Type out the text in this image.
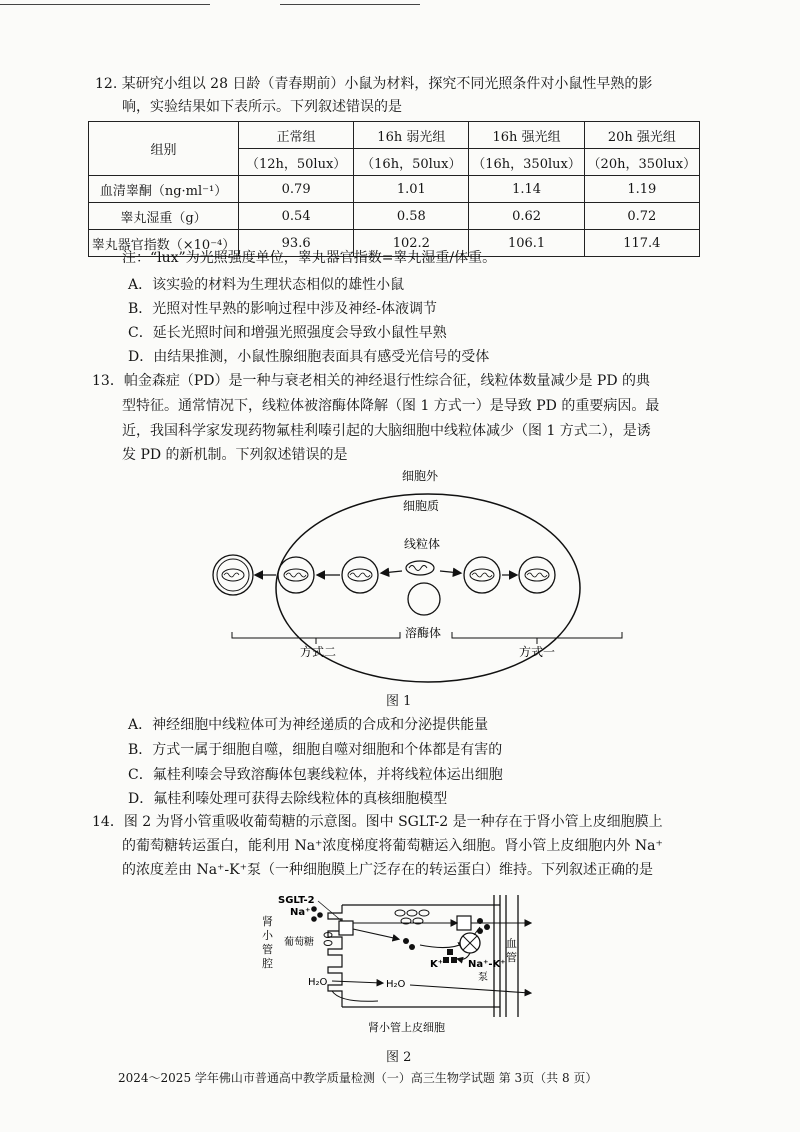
12. 某研究小组以 28 日龄（青春期前）小鼠为材料，探究不同光照条件对小鼠性早熟的影
响，实验结果如下表所示。下列叙述错误的是
组别	正常组	16h 弱光组	16h 强光组	20h 强光组
	（12h，50lux）	（16h，50lux）	（16h，350lux）	（20h，350lux）
血清睾酮（ng·ml⁻¹）	0.79	1.01	1.14	1.19
睾丸湿重（g）	0.54	0.58	0.62	0.72
睾丸器官指数（×10⁻⁴）	93.6	102.2	106.1	117.4
注：“lux”为光照强度单位，睾丸器官指数=睾丸湿重/体重。
A．该实验的材料为生理状态相似的雄性小鼠
B．光照对性早熟的影响过程中涉及神经-体液调节
C．延长光照时间和增强光照强度会导致小鼠性早熟
D．由结果推测，小鼠性腺细胞表面具有感受光信号的受体
13．帕金森症（PD）是一种与衰老相关的神经退行性综合征，线粒体数量减少是 PD 的典
型特征。通常情况下，线粒体被溶酶体降解（图 1 方式一）是导致 PD 的重要病因。最
近，我国科学家发现药物氟桂利嗪引起的大脑细胞中线粒体减少（图 1 方式二），是诱
发 PD 的新机制。下列叙述错误的是
细胞外
细胞质
线粒体
溶酶体
方式二	方式一
图 1
A．神经细胞中线粒体可为神经递质的合成和分泌提供能量
B．方式一属于细胞自噬，细胞自噬对细胞和个体都是有害的
C．氟桂利嗪会导致溶酶体包裹线粒体，并将线粒体运出细胞
D．氟桂利嗪处理可获得去除线粒体的真核细胞模型
14．图 2 为肾小管重吸收葡萄糖的示意图。图中 SGLT-2 是一种存在于肾小管上皮细胞膜上
的葡萄糖转运蛋白，能利用 Na⁺浓度梯度将葡萄糖运入细胞。肾小管上皮细胞内外 Na⁺
的浓度差由 Na⁺-K⁺泵（一种细胞膜上广泛存在的转运蛋白）维持。下列叙述正确的是
肾
小
管
腔
血
管
SGLT-2
Na⁺
葡萄糖
K⁺ Na⁺-K⁺
泵
H₂O	H₂O
肾小管上皮细胞
图 2
2024～2025 学年佛山市普通高中教学质量检测（一）高三生物学试题 第 3页（共 8 页）
